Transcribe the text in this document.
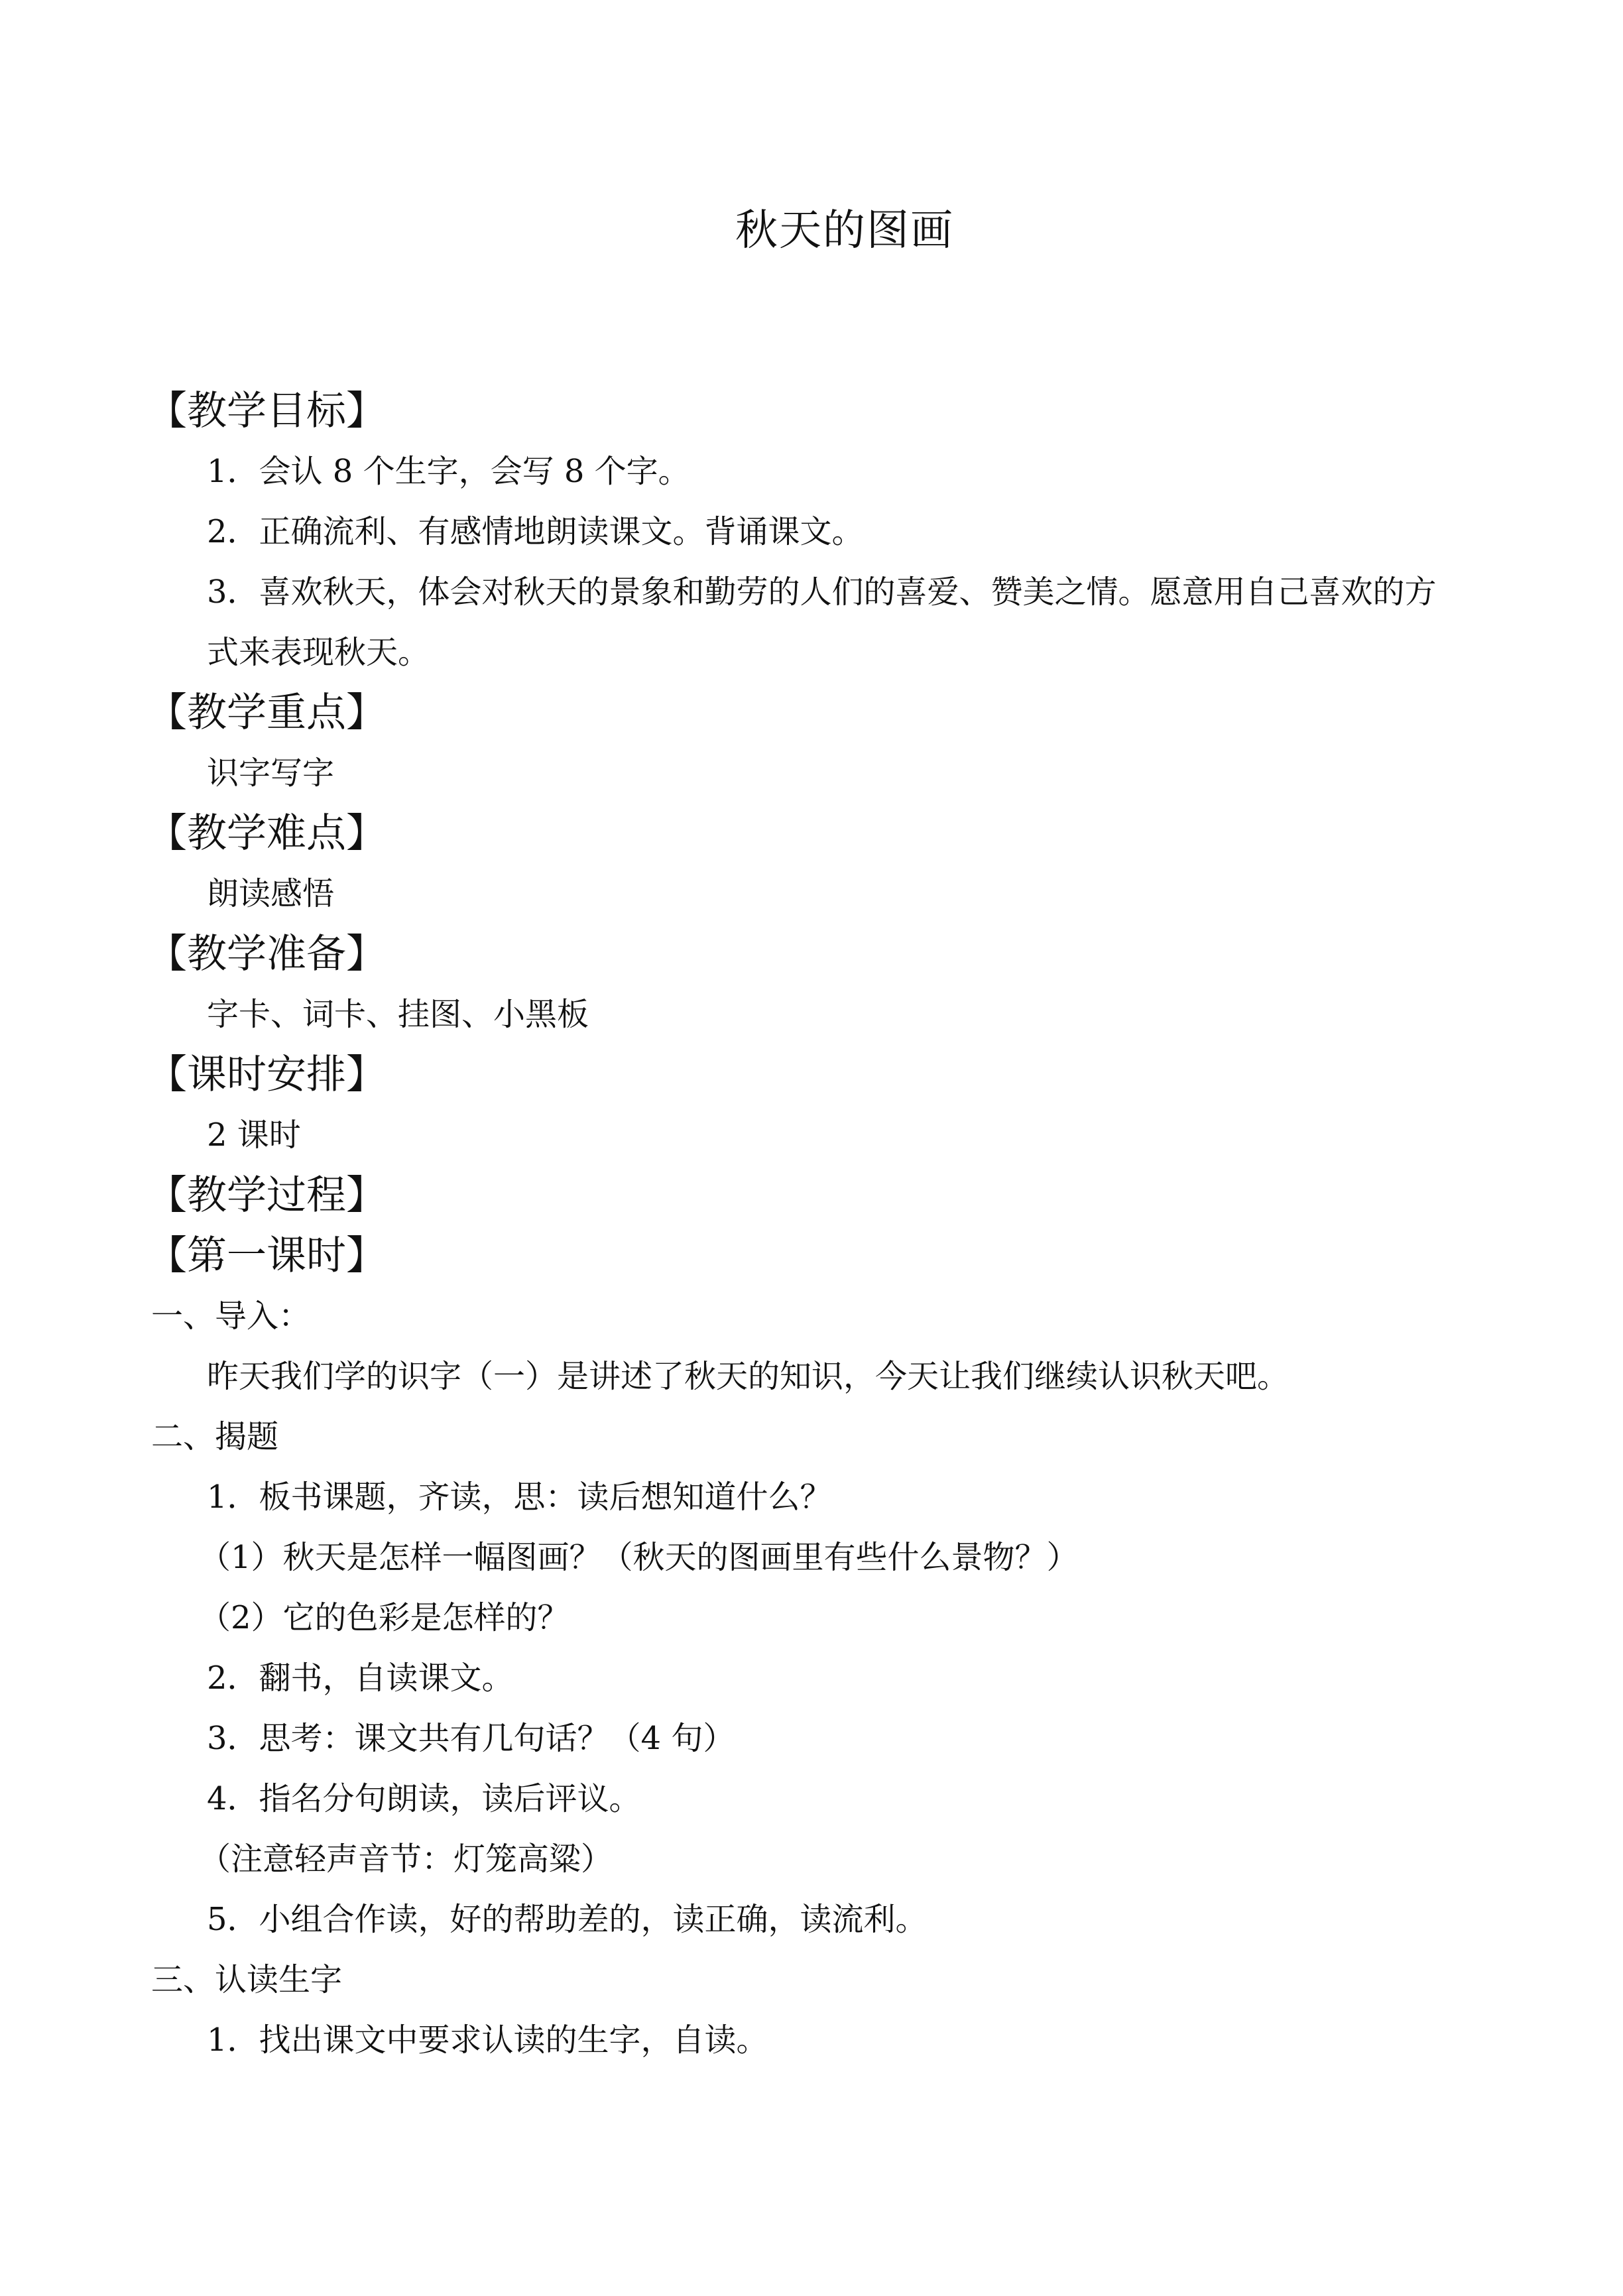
秋天的图画
【教学目标】
1．会认 8 个生字，会写 8 个字。
2．正确流利、有感情地朗读课文。背诵课文。
3．喜欢秋天，体会对秋天的景象和勤劳的人们的喜爱、赞美之情。愿意用自己喜欢的方
式来表现秋天。
【教学重点】
识字写字
【教学难点】
朗读感悟
【教学准备】
字卡、词卡、挂图、小黑板
【课时安排】
2 课时
【教学过程】
【第一课时】
一、导入：
昨天我们学的识字（一）是讲述了秋天的知识，今天让我们继续认识秋天吧。
二、揭题
1．板书课题，齐读，思：读后想知道什么？
（1）秋天是怎样一幅图画？（秋天的图画里有些什么景物？）
（2）它的色彩是怎样的？
2．翻书，自读课文。
3．思考：课文共有几句话？（4 句）
4．指名分句朗读，读后评议。
（注意轻声音节：灯笼高粱）
5．小组合作读，好的帮助差的，读正确，读流利。
三、认读生字
1．找出课文中要求认读的生字，自读。
